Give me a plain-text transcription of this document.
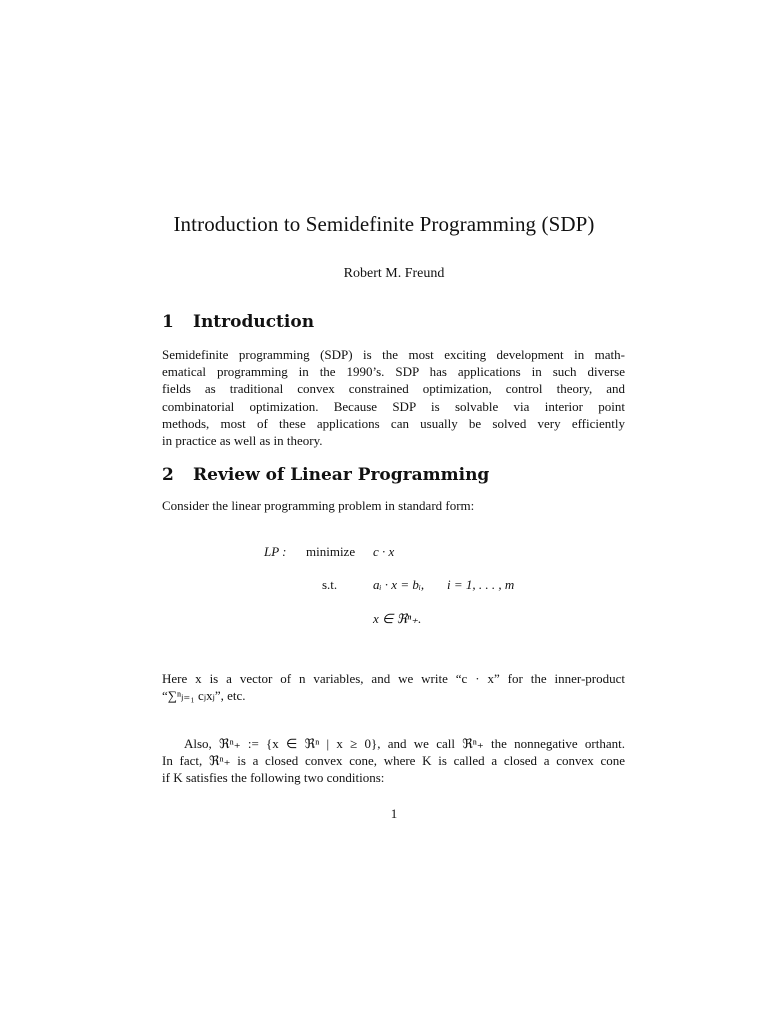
Introduction to Semidefinite Programming (SDP)
Robert M. Freund
1 Introduction
Semidefinite programming (SDP) is the most exciting development in math-
ematical programming in the 1990’s. SDP has applications in such diverse
fields as traditional convex constrained optimization, control theory, and
combinatorial optimization. Because SDP is solvable via interior point
methods, most of these applications can usually be solved very efficiently
in practice as well as in theory.
2 Review of Linear Programming
Consider the linear programming problem in standard form:
LP : minimize c · x
s.t.	aᵢ · x = bᵢ, i = 1, . . . , m
x ∈ ℜⁿ₊.
Here x is a vector of n variables, and we write “c · x” for the inner-product
“∑ⁿⱼ₌₁ cⱼxⱼ”, etc.
Also, ℜⁿ₊ := {x ∈ ℜⁿ | x ≥ 0}, and we call ℜⁿ₊ the nonnegative orthant.
In fact, ℜⁿ₊ is a closed convex cone, where K is called a closed a convex cone
if K satisfies the following two conditions:
1
